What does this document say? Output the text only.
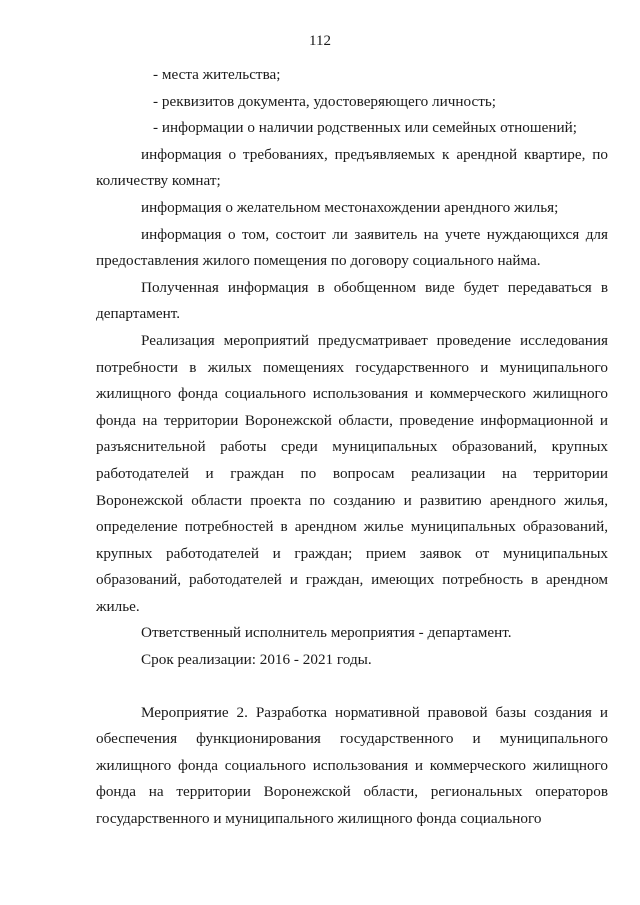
112

- места жительства;

- реквизитов документа, удостоверяющего личность;

- информации о наличии родственных или семейных отношений;

информация о требованиях, предъявляемых к арендной квартире, по количеству комнат;

информация о желательном местонахождении арендного жилья;

информация о том, состоит ли заявитель на учете нуждающихся для предоставления жилого помещения по договору социального найма.

Полученная информация в обобщенном виде будет передаваться в департамент.

Реализация мероприятий предусматривает проведение исследования потребности в жилых помещениях государственного и муниципального жилищного фонда социального использования и коммерческого жилищного фонда на территории Воронежской области, проведение информационной и разъяснительной работы среди муниципальных образований, крупных работодателей и граждан по вопросам реализации на территории Воронежской области проекта по созданию и развитию арендного жилья, определение потребностей в арендном жилье муниципальных образований, крупных работодателей и граждан; прием заявок от муниципальных образований, работодателей и граждан, имеющих потребность в арендном жилье.

Ответственный исполнитель мероприятия - департамент.

Срок реализации: 2016 - 2021 годы.

Мероприятие 2. Разработка нормативной правовой базы создания и обеспечения функционирования государственного и муниципального жилищного фонда социального использования и коммерческого жилищного фонда на территории Воронежской области, региональных операторов государственного и муниципального жилищного фонда социального
